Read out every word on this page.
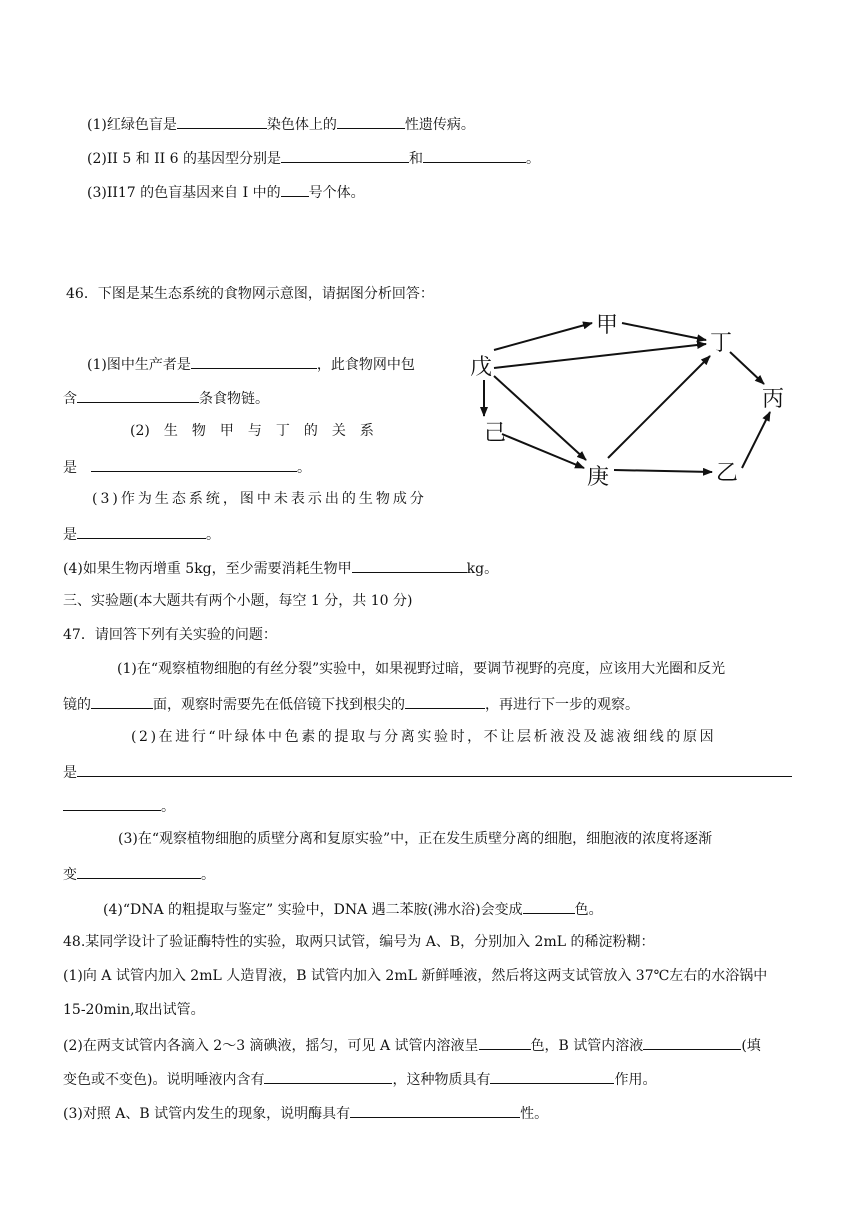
(1)红绿色盲是	染色体上的	性遗传病。
(2)II 5 和 II 6 的基因型分别是	和	。
(3)II17 的色盲基因来自 I 中的 号个体。
46．下图是某生态系统的食物网示意图，请据图分析回答：
(1)图中生产者是	，此食物网中包
含	条食物链。
(2) 生物甲与丁的关系
是	。
(3)作为生态系统，图中未表示出的生物成分
是	。
(4)如果生物丙增重 5kg，至少需要消耗生物甲	kg。
戊
甲
丁
丙
己
庚	乙
三、实验题(本大题共有两个小题，每空 1 分，共 10 分)
47．请回答下列有关实验的问题：
(1)在“观察植物细胞的有丝分裂”实验中，如果视野过暗，要调节视野的亮度，应该用大光圈和反光
镜的	面，观察时需要先在低倍镜下找到根尖的	，再进行下一步的观察。
(2)在进行“叶绿体中色素的提取与分离实验时，不让层析液没及滤液细线的原因
是
。
(3)在“观察植物细胞的质壁分离和复原实验”中，正在发生质壁分离的细胞，细胞液的浓度将逐渐
变	。
(4)“DNA 的粗提取与鉴定” 实验中，DNA 遇二苯胺(沸水浴)会变成	色。
48.某同学设计了验证酶特性的实验，取两只试管，编号为 A、B，分别加入 2mL 的稀淀粉糊：
(1)向 A 试管内加入 2mL 人造胃液，B 试管内加入 2mL 新鲜唾液，然后将这两支试管放入 37℃左右的水浴锅中
15-20min,取出试管。
(2)在两支试管内各滴入 2～3 滴碘液，摇匀，可见 A 试管内溶液呈	色，B 试管内溶液	(填
变色或不变色)。说明唾液内含有	，这种物质具有	作用。
(3)对照 A、B 试管内发生的现象，说明酶具有	性。
